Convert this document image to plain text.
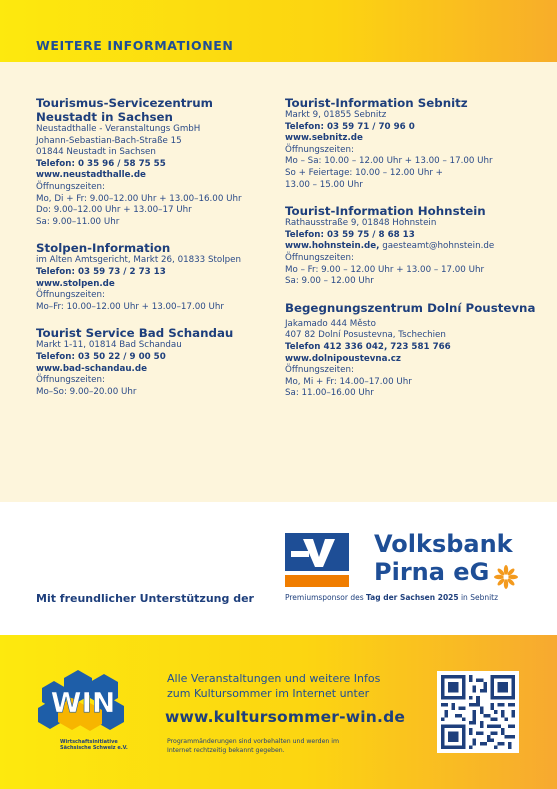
WEITERE INFORMATIONEN
Tourismus-Servicezentrum
Neustadt in Sachsen
Neustadthalle - Veranstaltungs GmbH
Johann-Sebastian-Bach-Straße 15
01844 Neustadt in Sachsen
Telefon: 0 35 96 / 58 75 55
www.neustadthalle.de
Öffnungszeiten:
Mo, Di + Fr: 9.00–12.00 Uhr + 13.00–16.00 Uhr
Do: 9.00–12.00 Uhr + 13.00–17 Uhr
Sa: 9.00–11.00 Uhr
Stolpen-Information
im Alten Amtsgericht, Markt 26, 01833 Stolpen
Telefon: 03 59 73 / 2 73 13
www.stolpen.de
Öffnungszeiten:
Mo–Fr: 10.00–12.00 Uhr + 13.00–17.00 Uhr
Tourist Service Bad Schandau
Markt 1-11, 01814 Bad Schandau
Telefon: 03 50 22 / 9 00 50
www.bad-schandau.de
Öffnungszeiten:
Mo–So: 9.00–20.00 Uhr
Tourist-Information Sebnitz
Markt 9, 01855 Sebnitz
Telefon: 03 59 71 / 70 96 0
www.sebnitz.de
Öffnungszeiten:
Mo – Sa: 10.00 – 12.00 Uhr + 13.00 – 17.00 Uhr
So + Feiertage: 10.00 – 12.00 Uhr +
13.00 – 15.00 Uhr
Tourist-Information Hohnstein
Rathausstraße 9, 01848 Hohnstein
Telefon: 03 59 75 / 8 68 13
www.hohnstein.de, gaesteamt@hohnstein.de
Öffnungszeiten:
Mo – Fr: 9.00 – 12.00 Uhr + 13.00 – 17.00 Uhr
Sa: 9.00 – 12.00 Uhr
Begegnungszentrum Dolní Poustevna
Jakamado 444 Město
407 82 Dolní Posustevna, Tschechien
Telefon 412 336 042, 723 581 766
www.dolnipoustevna.cz
Öffnungszeiten:
Mo, Mi + Fr: 14.00–17.00 Uhr
Sa: 11.00–16.00 Uhr
Mit freundlicher Unterstützung der
Volksbank
Pirna eG
Premiumsponsor des Tag der Sachsen 2025 in Sebnitz
WIN
Wirtschaftsinitiative
Sächsische Schweiz e.V.
Alle Veranstaltungen und weitere Infos
zum Kultursommer im Internet unter
www.kultursommer-win.de
Programmänderungen sind vorbehalten und werden im
Internet rechtzeitig bekannt gegeben.
